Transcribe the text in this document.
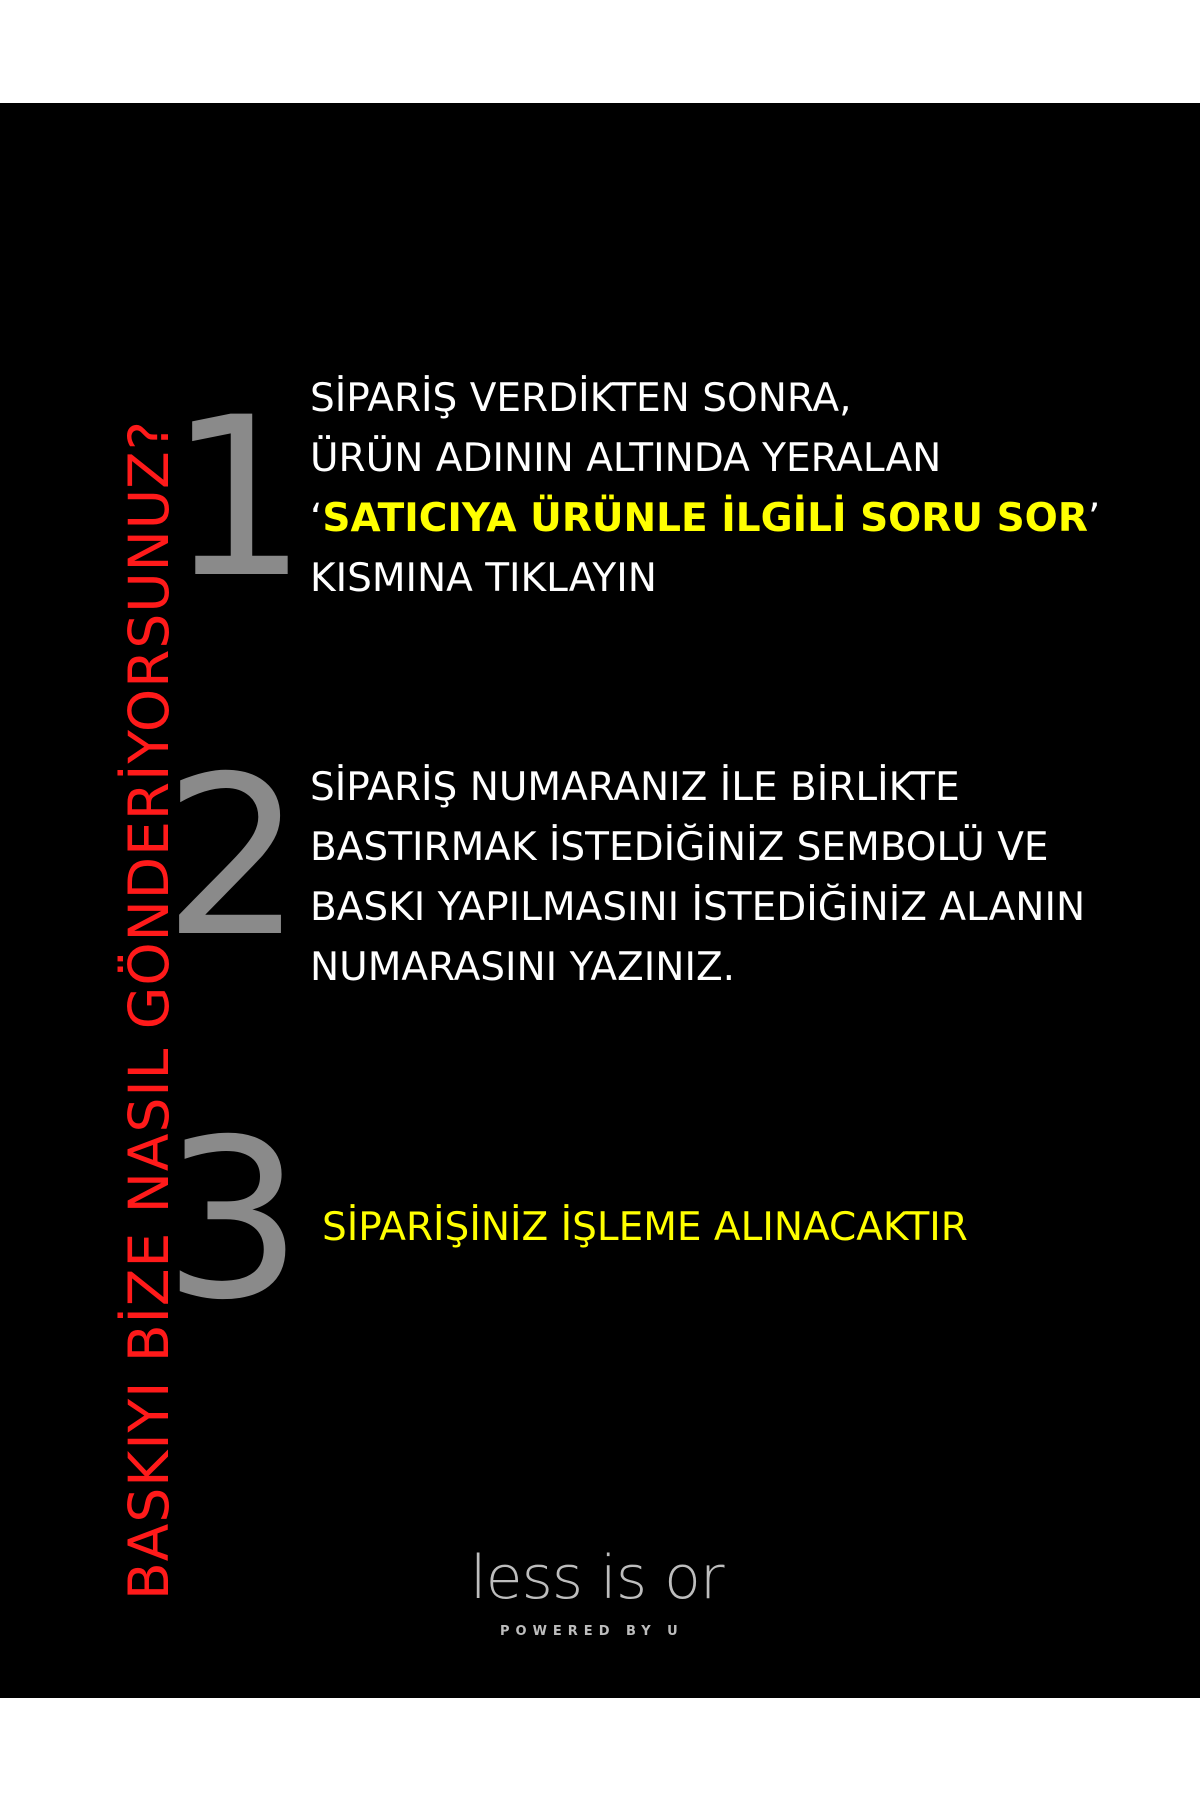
BASKIYI BİZE NASIL GÖNDERİYORSUNUZ?
1 SİPARİŞ VERDİKTEN SONRA,
ÜRÜN ADININ ALTINDA YERALAN
‘SATICIYA ÜRÜNLE İLGİLİ SORU SOR’
KISMINA TIKLAYIN
2 SİPARİŞ NUMARANIZ İLE BİRLİKTE
BASTIRMAK İSTEDİĞİNİZ SEMBOLÜ VE
BASKI YAPILMASINI İSTEDİĞİNİZ ALANIN
NUMARASINI YAZINIZ.
3 SİPARİŞİNİZ İŞLEME ALINACAKTIR
less is or
POWERED BY U
